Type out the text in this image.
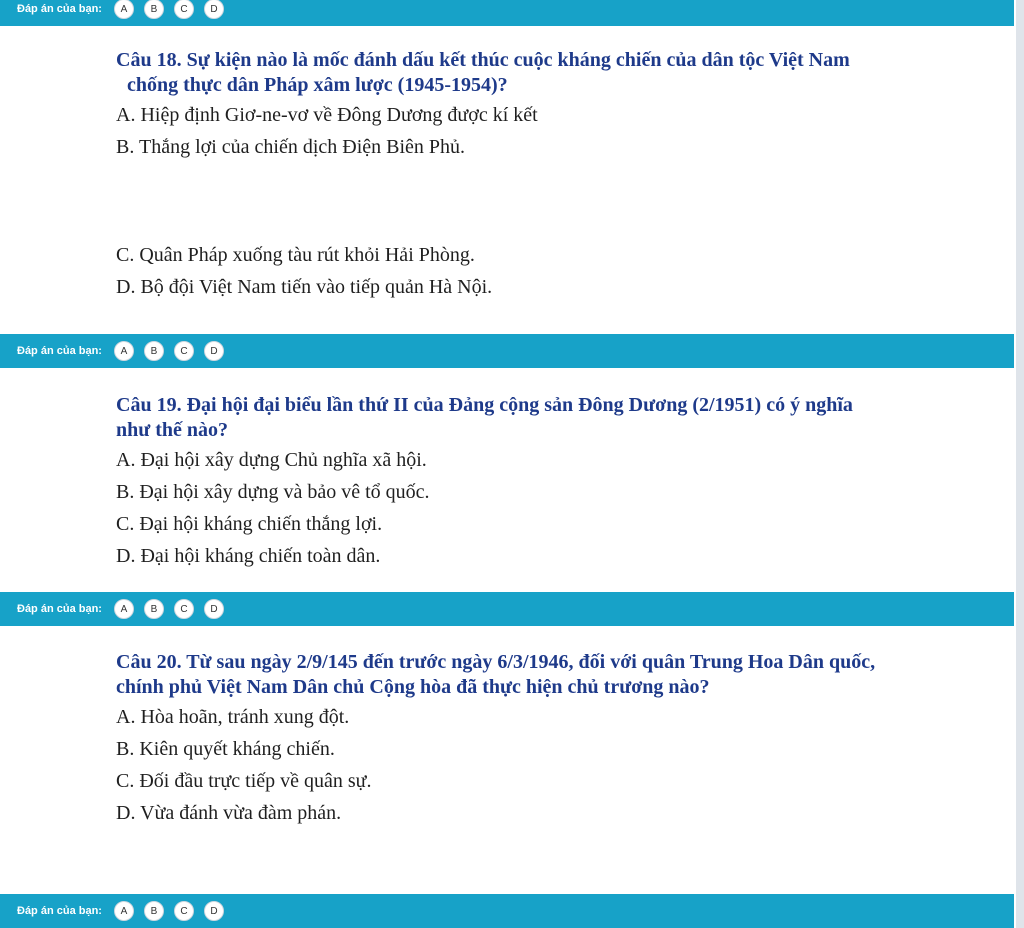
Đáp án của bạn:	A	B	C	D

Câu 18. Sự kiện nào là mốc đánh dấu kết thúc cuộc kháng chiến của dân tộc Việt Nam chống thực dân Pháp xâm lược (1945-1954)?

A. Hiệp định Giơ-ne-vơ về Đông Dương được kí kết

B. Thắng lợi của chiến dịch Điện Biên Phủ.

C. Quân Pháp xuống tàu rút khỏi Hải Phòng.

D. Bộ đội Việt Nam tiến vào tiếp quản Hà Nội.

Đáp án của bạn:	A	B	C	D

Câu 19. Đại hội đại biểu lần thứ II của Đảng cộng sản Đông Dương (2/1951) có ý nghĩa như thế nào?

A. Đại hội xây dựng Chủ nghĩa xã hội.

B. Đại hội xây dựng và bảo vê tổ quốc.

C. Đại hội kháng chiến thắng lợi.

D. Đại hội kháng chiến toàn dân.

Đáp án của bạn:	A	B	C	D

Câu 20. Từ sau ngày 2/9/145 đến trước ngày 6/3/1946, đối với quân Trung Hoa Dân quốc, chính phủ Việt Nam Dân chủ Cộng hòa đã thực hiện chủ trương nào?

A. Hòa hoãn, tránh xung đột.

B. Kiên quyết kháng chiến.

C. Đối đầu trực tiếp về quân sự.

D. Vừa đánh vừa đàm phán.

Đáp án của bạn:	A	B	C	D
